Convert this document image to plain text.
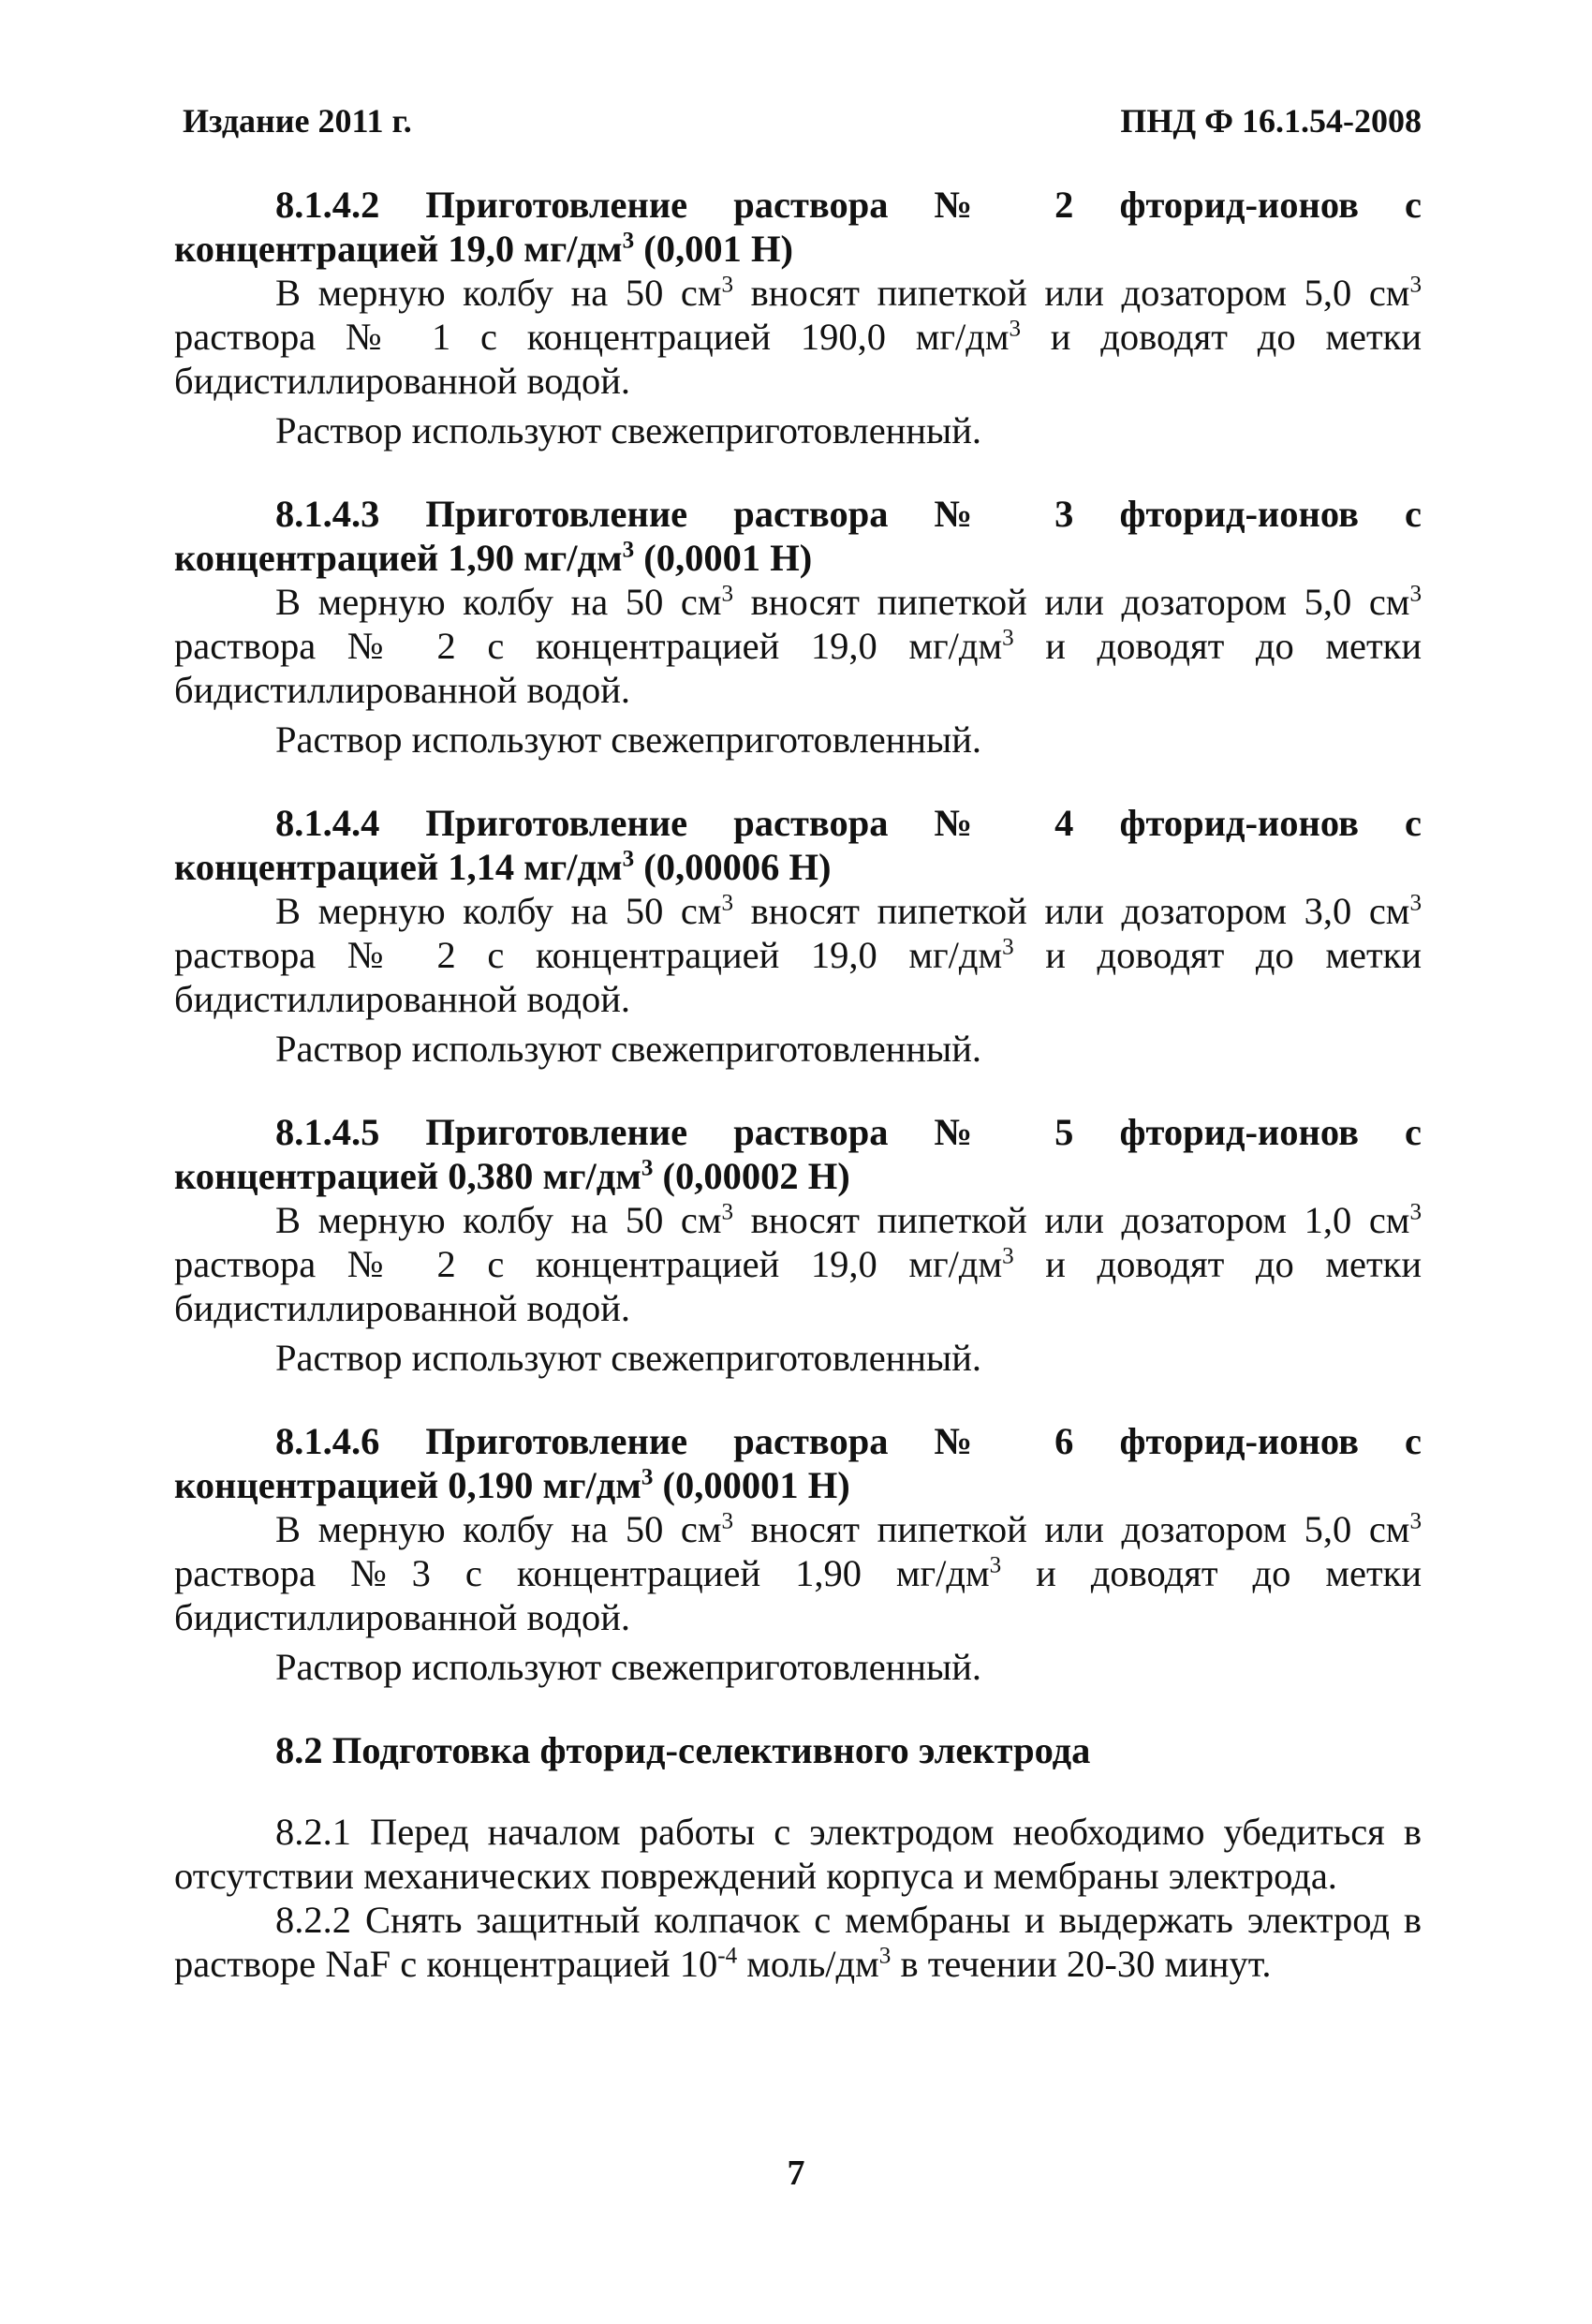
Издание 2011 г.	ПНД Ф 16.1.54-2008

8.1.4.2 Приготовление раствора № 2 фторид-ионов с концентрацией 19,0 $мг/дм^3$ (0,001 Н)

В мерную колбу на 50 $см^3$ вносят пипеткой или дозатором 5,0 $см^3$ раствора № 1 с концентрацией 190,0 $мг/дм^3$ и доводят до метки бидистиллированной водой.

Раствор используют свежеприготовленный.

8.1.4.3 Приготовление раствора № 3 фторид-ионов с концентрацией 1,90 $мг/дм^3$ (0,0001 Н)

В мерную колбу на 50 $см^3$ вносят пипеткой или дозатором 5,0 $см^3$ раствора № 2 с концентрацией 19,0 $мг/дм^3$ и доводят до метки бидистиллированной водой.

Раствор используют свежеприготовленный.

8.1.4.4 Приготовление раствора № 4 фторид-ионов с концентрацией 1,14 $мг/дм^3$ (0,00006 Н)

В мерную колбу на 50 $см^3$ вносят пипеткой или дозатором 3,0 $см^3$ раствора № 2 с концентрацией 19,0 $мг/дм^3$ и доводят до метки бидистиллированной водой.

Раствор используют свежеприготовленный.

8.1.4.5 Приготовление раствора № 5 фторид-ионов с концентрацией 0,380 $мг/дм^3$ (0,00002 Н)

В мерную колбу на 50 $см^3$ вносят пипеткой или дозатором 1,0 $см^3$ раствора № 2 с концентрацией 19,0 $мг/дм^3$ и доводят до метки бидистиллированной водой.

Раствор используют свежеприготовленный.

8.1.4.6 Приготовление раствора № 6 фторид-ионов с концентрацией 0,190 $мг/дм^3$ (0,00001 Н)

В мерную колбу на 50 $см^3$ вносят пипеткой или дозатором 5,0 $см^3$ раствора №3 с концентрацией 1,90 $мг/дм^3$ и доводят до метки бидистиллированной водой.

Раствор используют свежеприготовленный.

8.2 Подготовка фторид-селективного электрода

8.2.1 Перед началом работы с электродом необходимо убедиться в отсутствии механических повреждений корпуса и мембраны электрода.

8.2.2 Снять защитный колпачок с мембраны и выдержать электрод в растворе NaF с концентрацией $10^{-4}$ моль/$дм^3$ в течении 20-30 минут.

7
